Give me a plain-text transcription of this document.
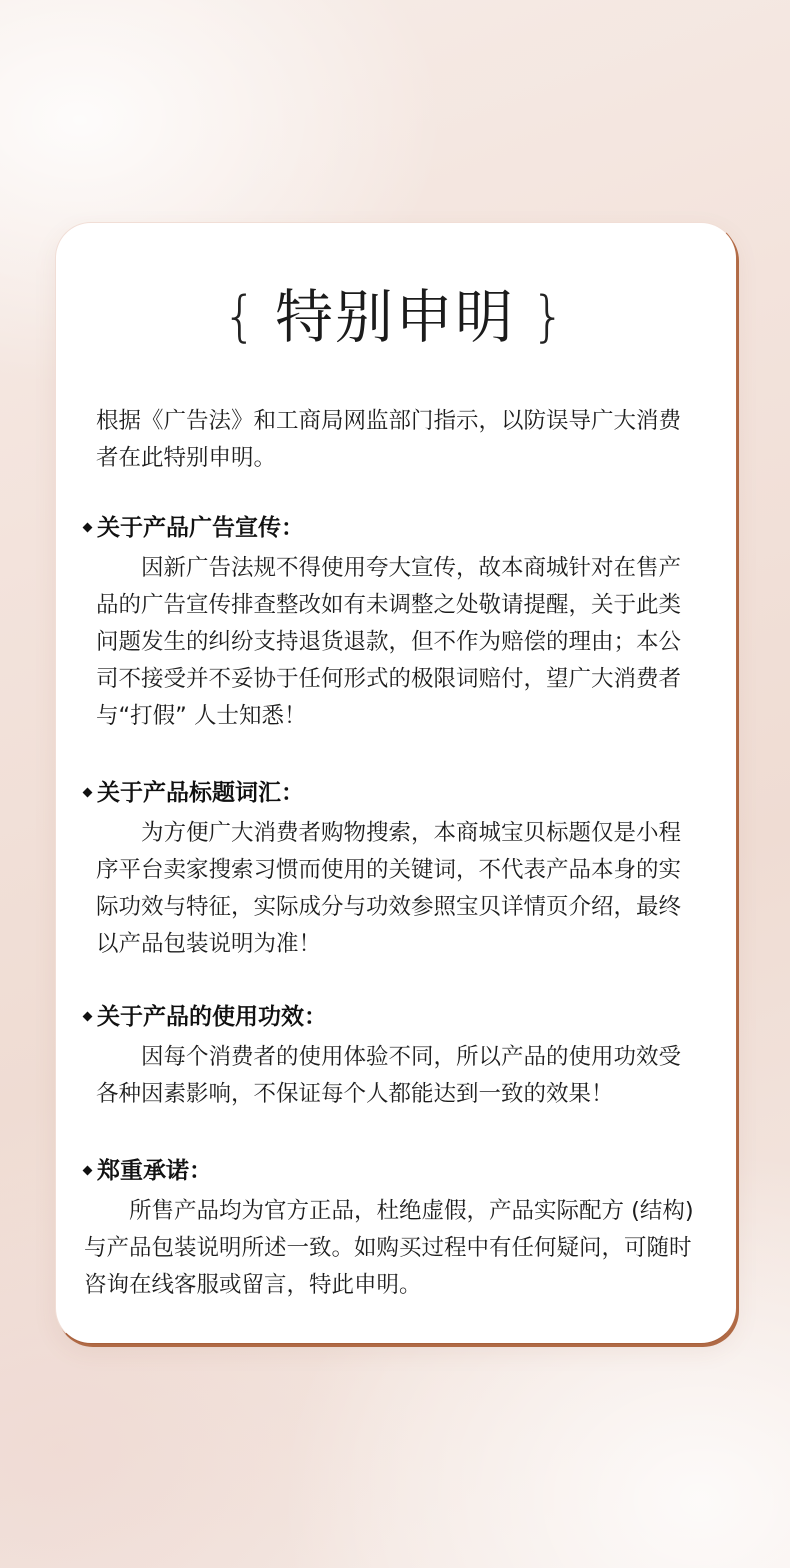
{ 特别申明 }

根据《广告法》和工商局网监部门指示，以防误导广大消费者在此特别申明。

关于产品广告宣传：

因新广告法规不得使用夸大宣传，故本商城针对在售产品的广告宣传排查整改如有未调整之处敬请提醒，关于此类问题发生的纠纷支持退货退款，但不作为赔偿的理由；本公司不接受并不妥协于任何形式的极限词赔付，望广大消费者与“打假” 人士知悉！

关于产品标题词汇：

为方便广大消费者购物搜索，本商城宝贝标题仅是小程序平台卖家搜索习惯而使用的关键词，不代表产品本身的实际功效与特征，实际成分与功效参照宝贝详情页介绍，最终以产品包装说明为准！

关于产品的使用功效：

因每个消费者的使用体验不同，所以产品的使用功效受各种因素影响，不保证每个人都能达到一致的效果！

郑重承诺：

所售产品均为官方正品，杜绝虚假，产品实际配方 (结构) 与产品包装说明所述一致。如购买过程中有任何疑问，可随时咨询在线客服或留言，特此申明。
